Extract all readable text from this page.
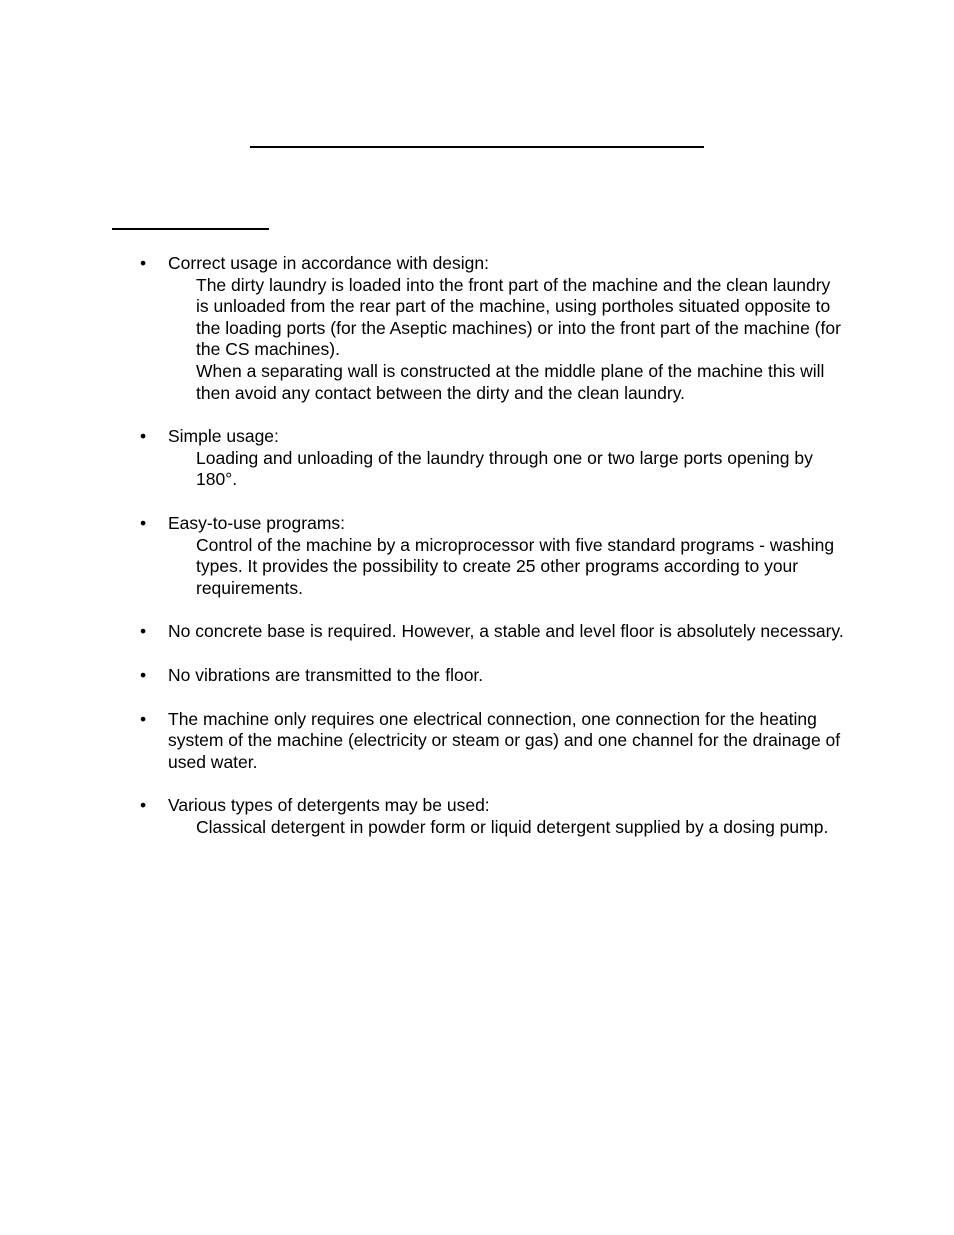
• Correct usage in accordance with design:
The dirty laundry is loaded into the front part of the machine and the clean laundry is unloaded from the rear part of the machine, using portholes situated opposite to the loading ports (for the Aseptic machines) or into the front part of the machine (for the CS machines).
When a separating wall is constructed at the middle plane of the machine this will then avoid any contact between the dirty and the clean laundry.
• Simple usage:
Loading and unloading of the laundry through one or two large ports opening by 180°.
• Easy-to-use programs:
Control of the machine by a microprocessor with five standard programs - washing types. It provides the possibility to create 25 other programs according to your requirements.
• No concrete base is required. However, a stable and level floor is absolutely necessary.
• No vibrations are transmitted to the floor.
• The machine only requires one electrical connection, one connection for the heating system of the machine (electricity or steam or gas) and one channel for the drainage of used water.
• Various types of detergents may be used:
Classical detergent in powder form or liquid detergent supplied by a dosing pump.
